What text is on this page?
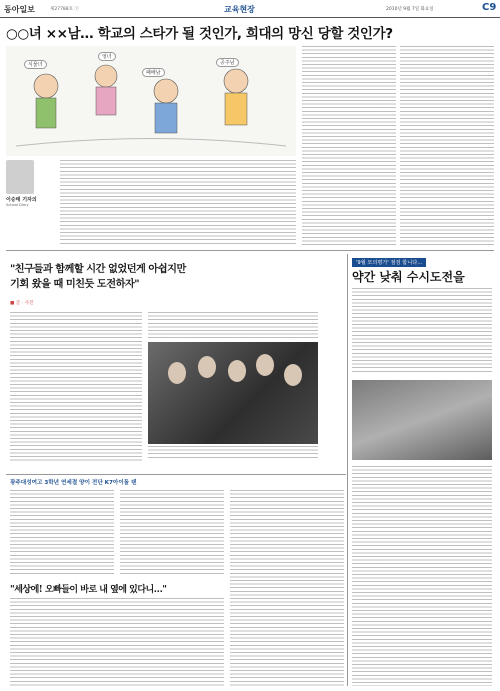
동아일보	제27788호 ⓒ	교육현장	2010년 9월 7일 화요일	C9
○○녀 ××남… 학교의 스타가 될 것인가, 희대의 망신 당할 것인가?
식물녀
엉녀
패배남
공주님
이승태 기자의
School Diary
"친구들과 함께할 시간 없었던게 아쉽지만
기회 왔을 때 미친듯 도전하자"
■ 글 · 사진
광주대성여고 3학년 연세결 양이 전단 K7아이돌 텐
"세상에! 오빠들이 바로 내 옆에 있다니…"
'9월 모의평가' 점검 합니다…
약간 낮춰 수시도전을
